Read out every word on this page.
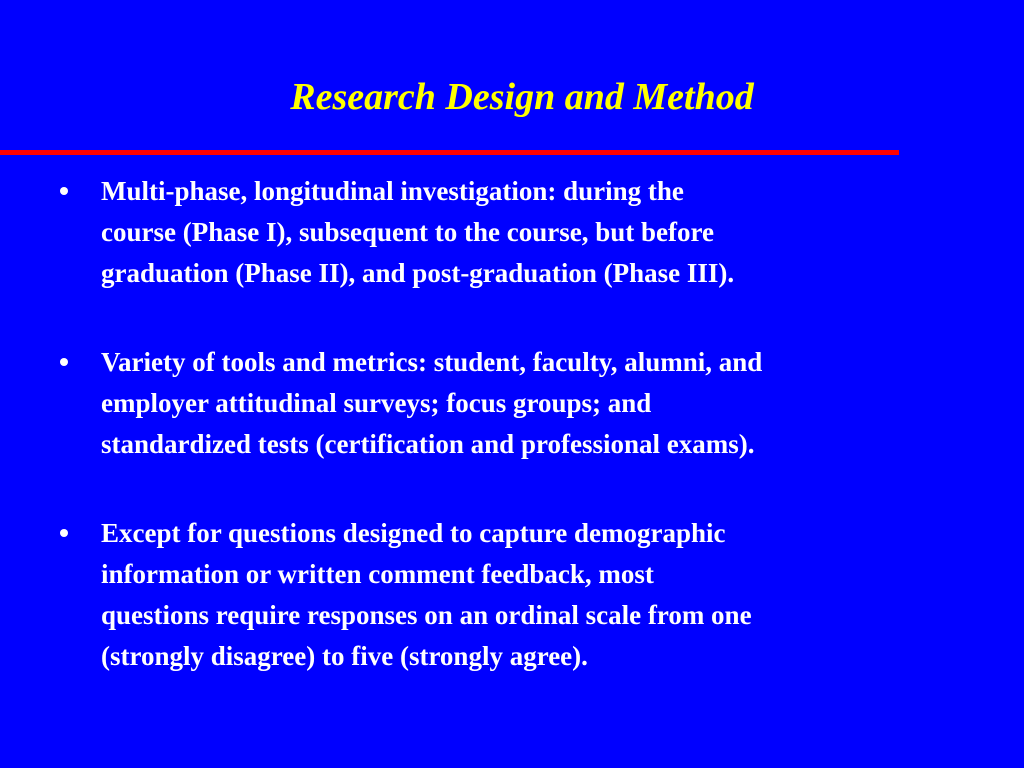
Research Design and Method
Multi-phase, longitudinal investigation: during the
course (Phase I), subsequent to the course, but before
graduation (Phase II), and post-graduation (Phase III).
Variety of tools and metrics: student, faculty, alumni, and
employer attitudinal surveys; focus groups; and
standardized tests (certification and professional exams).
Except for questions designed to capture demographic
information or written comment feedback, most
questions require responses on an ordinal scale from one
(strongly disagree) to five (strongly agree).
